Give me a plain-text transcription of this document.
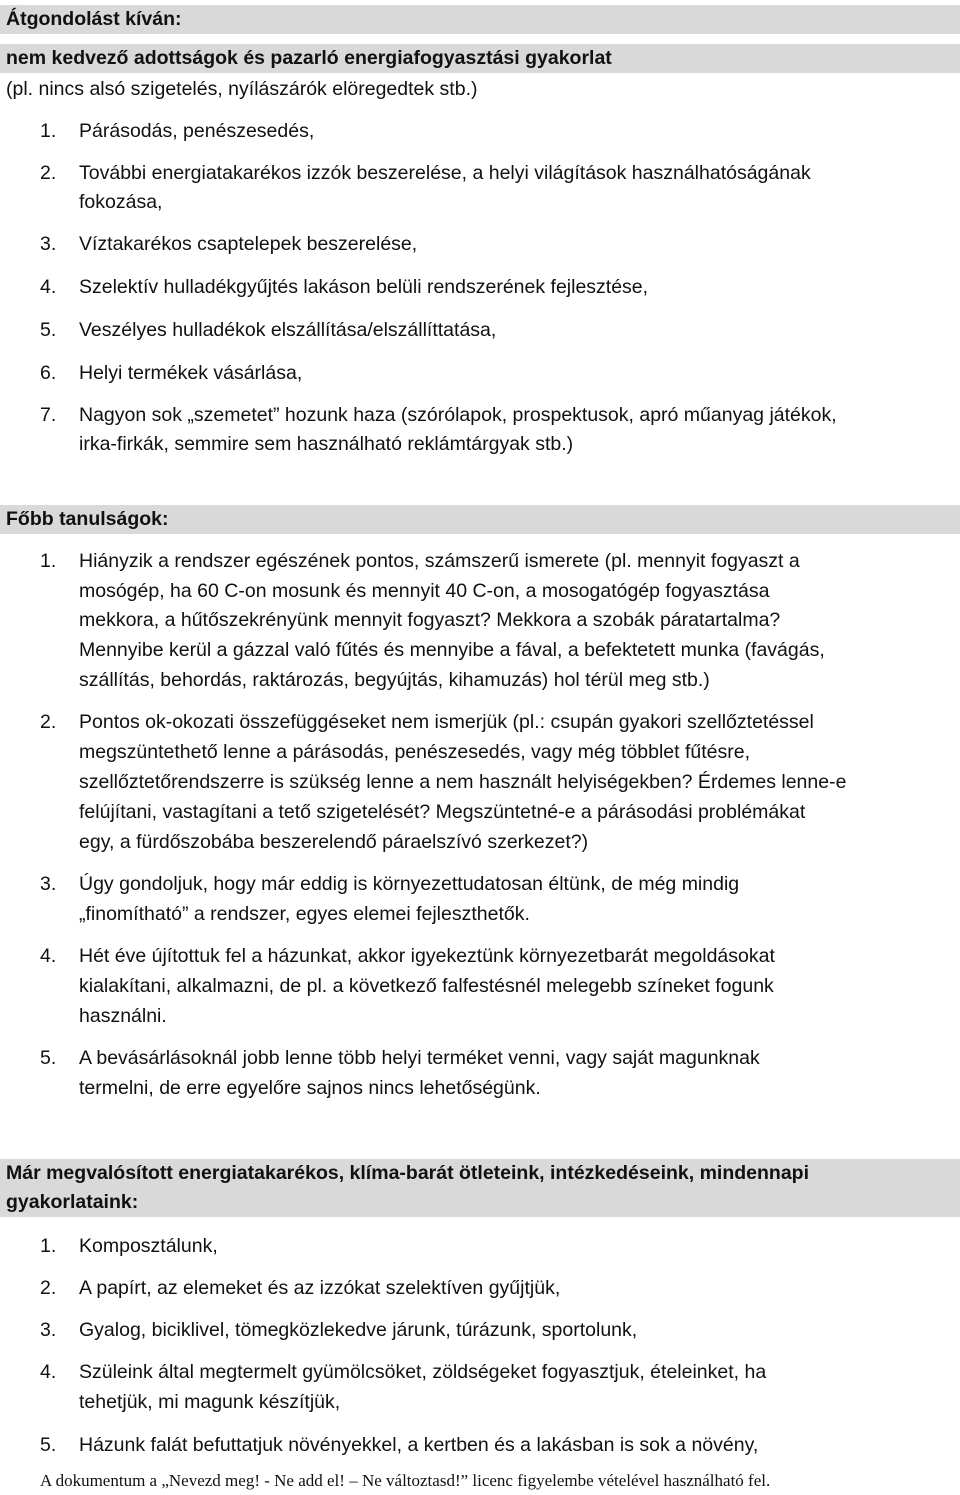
Átgondolást kíván:
nem kedvező adottságok és pazarló energiafogyasztási gyakorlat
(pl. nincs alsó szigetelés, nyílászárók elöregedtek stb.)
1. Párásodás, penészesedés,
2. További energiatakarékos izzók beszerelése, a helyi világítások használhatóságának
fokozása,
3. Víztakarékos csaptelepek beszerelése,
4. Szelektív hulladékgyűjtés lakáson belüli rendszerének fejlesztése,
5. Veszélyes hulladékok elszállítása/elszállíttatása,
6. Helyi termékek vásárlása,
7. Nagyon sok „szemetet” hozunk haza (szórólapok, prospektusok, apró műanyag játékok,
irka-firkák, semmire sem használható reklámtárgyak stb.)
Főbb tanulságok:
1. Hiányzik a rendszer egészének pontos, számszerű ismerete (pl. mennyit fogyaszt a
mosógép, ha 60 C-on mosunk és mennyit 40 C-on, a mosogatógép fogyasztása
mekkora, a hűtőszekrényünk mennyit fogyaszt? Mekkora a szobák páratartalma?
Mennyibe kerül a gázzal való fűtés és mennyibe a fával, a befektetett munka (favágás,
szállítás, behordás, raktározás, begyújtás, kihamuzás) hol térül meg stb.)
2. Pontos ok-okozati összefüggéseket nem ismerjük (pl.: csupán gyakori szellőztetéssel
megszüntethető lenne a párásodás, penészesedés, vagy még többlet fűtésre,
szellőztetőrendszerre is szükség lenne a nem használt helyiségekben? Érdemes lenne-e
felújítani, vastagítani a tető szigetelését? Megszüntetné-e a párásodási problémákat
egy, a fürdőszobába beszerelendő páraelszívó szerkezet?)
3. Úgy gondoljuk, hogy már eddig is környezettudatosan éltünk, de még mindig
„finomítható” a rendszer, egyes elemei fejleszthetők.
4. Hét éve újítottuk fel a házunkat, akkor igyekeztünk környezetbarát megoldásokat
kialakítani, alkalmazni, de pl. a következő falfestésnél melegebb színeket fogunk
használni.
5. A bevásárlásoknál jobb lenne több helyi terméket venni, vagy saját magunknak
termelni, de erre egyelőre sajnos nincs lehetőségünk.
Már megvalósított energiatakarékos, klíma-barát ötleteink, intézkedéseink, mindennapi
gyakorlataink:
1. Komposztálunk,
2. A papírt, az elemeket és az izzókat szelektíven gyűjtjük,
3. Gyalog, biciklivel, tömegközlekedve járunk, túrázunk, sportolunk,
4. Szüleink által megtermelt gyümölcsöket, zöldségeket fogyasztjuk, ételeinket, ha
tehetjük, mi magunk készítjük,
5. Házunk falát befuttatjuk növényekkel, a kertben és a lakásban is sok a növény,
A dokumentum a „Nevezd meg! - Ne add el! – Ne változtasd!” licenc figyelembe vételével használható fel.
